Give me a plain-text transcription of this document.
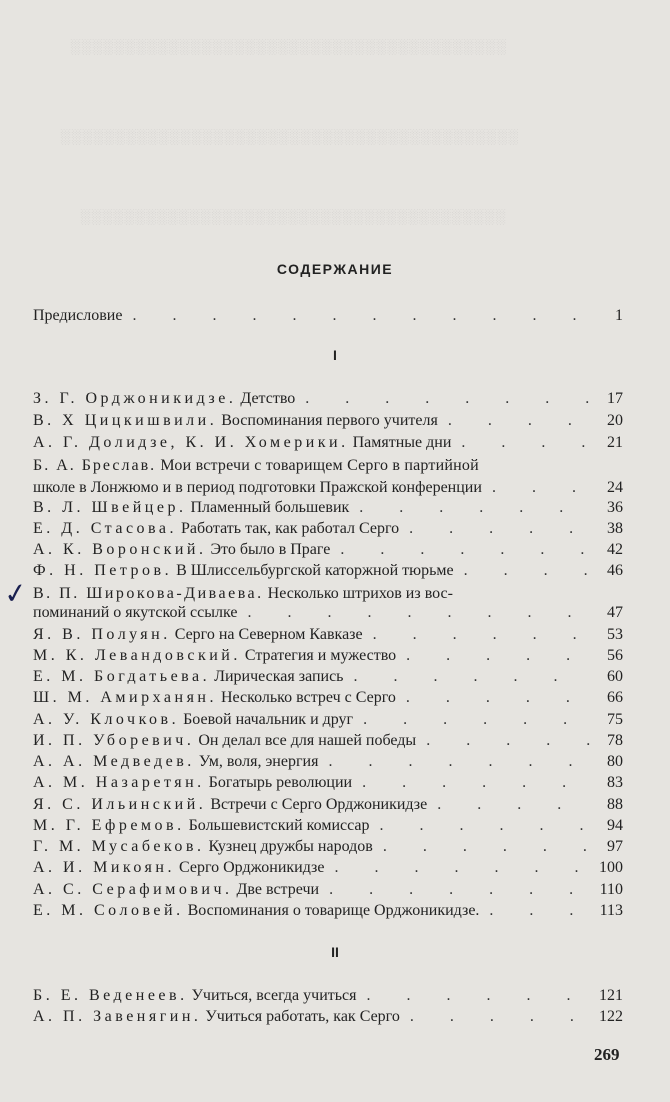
░░░░░░░░░░░░░░░░░░░░░░░░░░░░░░░░░░░░░░░░
░░░░░░░░░░░░░░░░░░░░░░░░░░░░░░░░░░░░░░░░░░
░░░░░░░░░░░░░░░░░░░░░░░░░░░░░░░░░░░░░░░
СОДЕРЖАНИЕ
Предисловие . . .	1
I
З. Г. Орджоникидзе. Детство . . .	17
В. Х Цицкишвили. Воспоминания первого учителя . . .	20
А. Г. Долидзе, К. И. Хомерики. Памятные дни . . .	21
Б. А. Бреслав. Мои встречи с товарищем Серго в партийной
школе в Лонжюмо и в период подготовки Пражской конференции . . .	24
В. Л. Швейцер. Пламенный большевик . . .	36
Е. Д. Стасова. Работать так, как работал Серго . . .	38
А. К. Воронский. Это было в Праге . . .	42
Ф. Н. Петров. В Шлиссельбургской каторжной тюрьме . . .	46
✓ В. П. Широкова-Диваева. Несколько штрихов из вос-
поминаний о якутской ссылке . . .	47
Я. В. Полуян. Серго на Северном Кавказе . . .	53
М. К. Левандовский. Стратегия и мужество . . .	56
Е. М. Богдатьева. Лирическая запись . . .	60
Ш. М. Амирханян. Несколько встреч с Серго . . .	66
А. У. Клочков. Боевой начальник и друг . . .	75
И. П. Уборевич. Он делал все для нашей победы . . .	78
А. А. Медведев. Ум, воля, энергия . . .	80
А. М. Назаретян. Богатырь революции . . .	83
Я. С. Ильинский. Встречи с Серго Орджоникидзе . . .	88
М. Г. Ефремов. Большевистский комиссар . . .	94
Г. М. Мусабеков. Кузнец дружбы народов . . .	97
А. И. Микоян. Серго Орджоникидзе . . .	100
А. С. Серафимович. Две встречи . . .	110
Е. М. Соловей. Воспоминания о товарище Орджоникидзе. . . .	113
II
Б. Е. Веденеев. Учиться, всегда учиться . . .	121
А. П. Завенягин. Учиться работать, как Серго . . .	122
269
